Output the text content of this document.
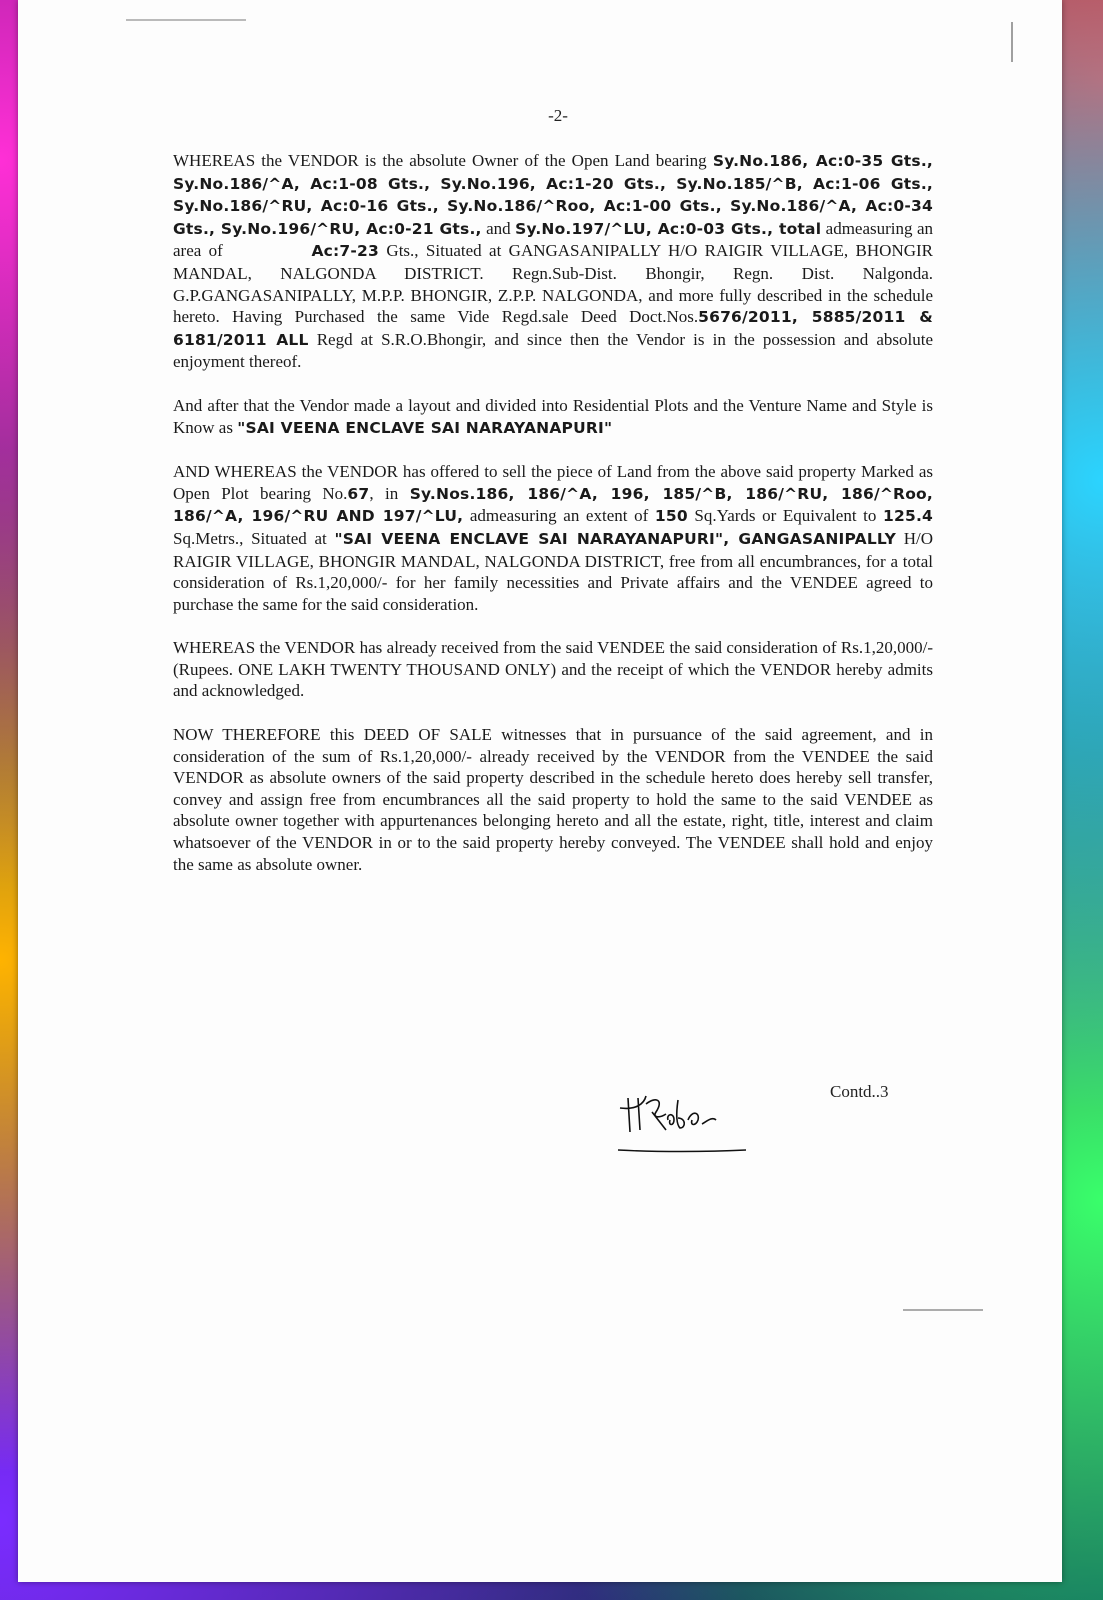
-2-

WHEREAS the VENDOR is the absolute Owner of the Open Land bearing Sy.No.186, Ac:0-35 Gts., Sy.No.186/^A, Ac:1-08 Gts., Sy.No.196, Ac:1-20 Gts., Sy.No.185/^B, Ac:1-06 Gts., Sy.No.186/^RU, Ac:0-16 Gts., Sy.No.186/^Roo, Ac:1-00 Gts., Sy.No.186/^A, Ac:0-34 Gts., Sy.No.196/^RU, Ac:0-21 Gts., and Sy.No.197/^LU, Ac:0-03 Gts., total admeasuring an area of	Ac:7-23 Gts., Situated at GANGASANIPALLY H/O RAIGIR VILLAGE, BHONGIR MANDAL, NALGONDA DISTRICT. Regn.Sub-Dist. Bhongir, Regn. Dist. Nalgonda. G.P.GANGASANIPALLY, M.P.P. BHONGIR, Z.P.P. NALGONDA, and more fully described in the schedule hereto. Having Purchased the same Vide Regd.sale Deed Doct.Nos.5676/2011, 5885/2011 & 6181/2011 ALL Regd at S.R.O.Bhongir, and since then the Vendor is in the possession and absolute enjoyment thereof.

And after that the Vendor made a layout and divided into Residential Plots and the Venture Name and Style is Know as "SAI VEENA ENCLAVE SAI NARAYANAPURI"

AND WHEREAS the VENDOR has offered to sell the piece of Land from the above said property Marked as Open Plot bearing No.67, in Sy.Nos.186, 186/^A, 196, 185/^B, 186/^RU, 186/^Roo, 186/^A, 196/^RU AND 197/^LU, admeasuring an extent of 150 Sq.Yards or Equivalent to 125.4 Sq.Metrs., Situated at "SAI VEENA ENCLAVE SAI NARAYANAPURI", GANGASANIPALLY H/O RAIGIR VILLAGE, BHONGIR MANDAL, NALGONDA DISTRICT, free from all encumbrances, for a total consideration of Rs.1,20,000/- for her family necessities and Private affairs and the VENDEE agreed to purchase the same for the said consideration.

WHEREAS the VENDOR has already received from the said VENDEE the said consideration of Rs.1,20,000/- (Rupees. ONE LAKH TWENTY THOUSAND ONLY) and the receipt of which the VENDOR hereby admits and acknowledged.

NOW THEREFORE this DEED OF SALE witnesses that in pursuance of the said agreement, and in consideration of the sum of Rs.1,20,000/- already received by the VENDOR from the VENDEE the said VENDOR as absolute owners of the said property described in the schedule hereto does hereby sell transfer, convey and assign free from encumbrances all the said property to hold the same to the said VENDEE as absolute owner together with appurtenances belonging hereto and all the estate, right, title, interest and claim whatsoever of the VENDOR in or to the said property hereby conveyed. The VENDEE shall hold and enjoy the same as absolute owner.

Contd..3
